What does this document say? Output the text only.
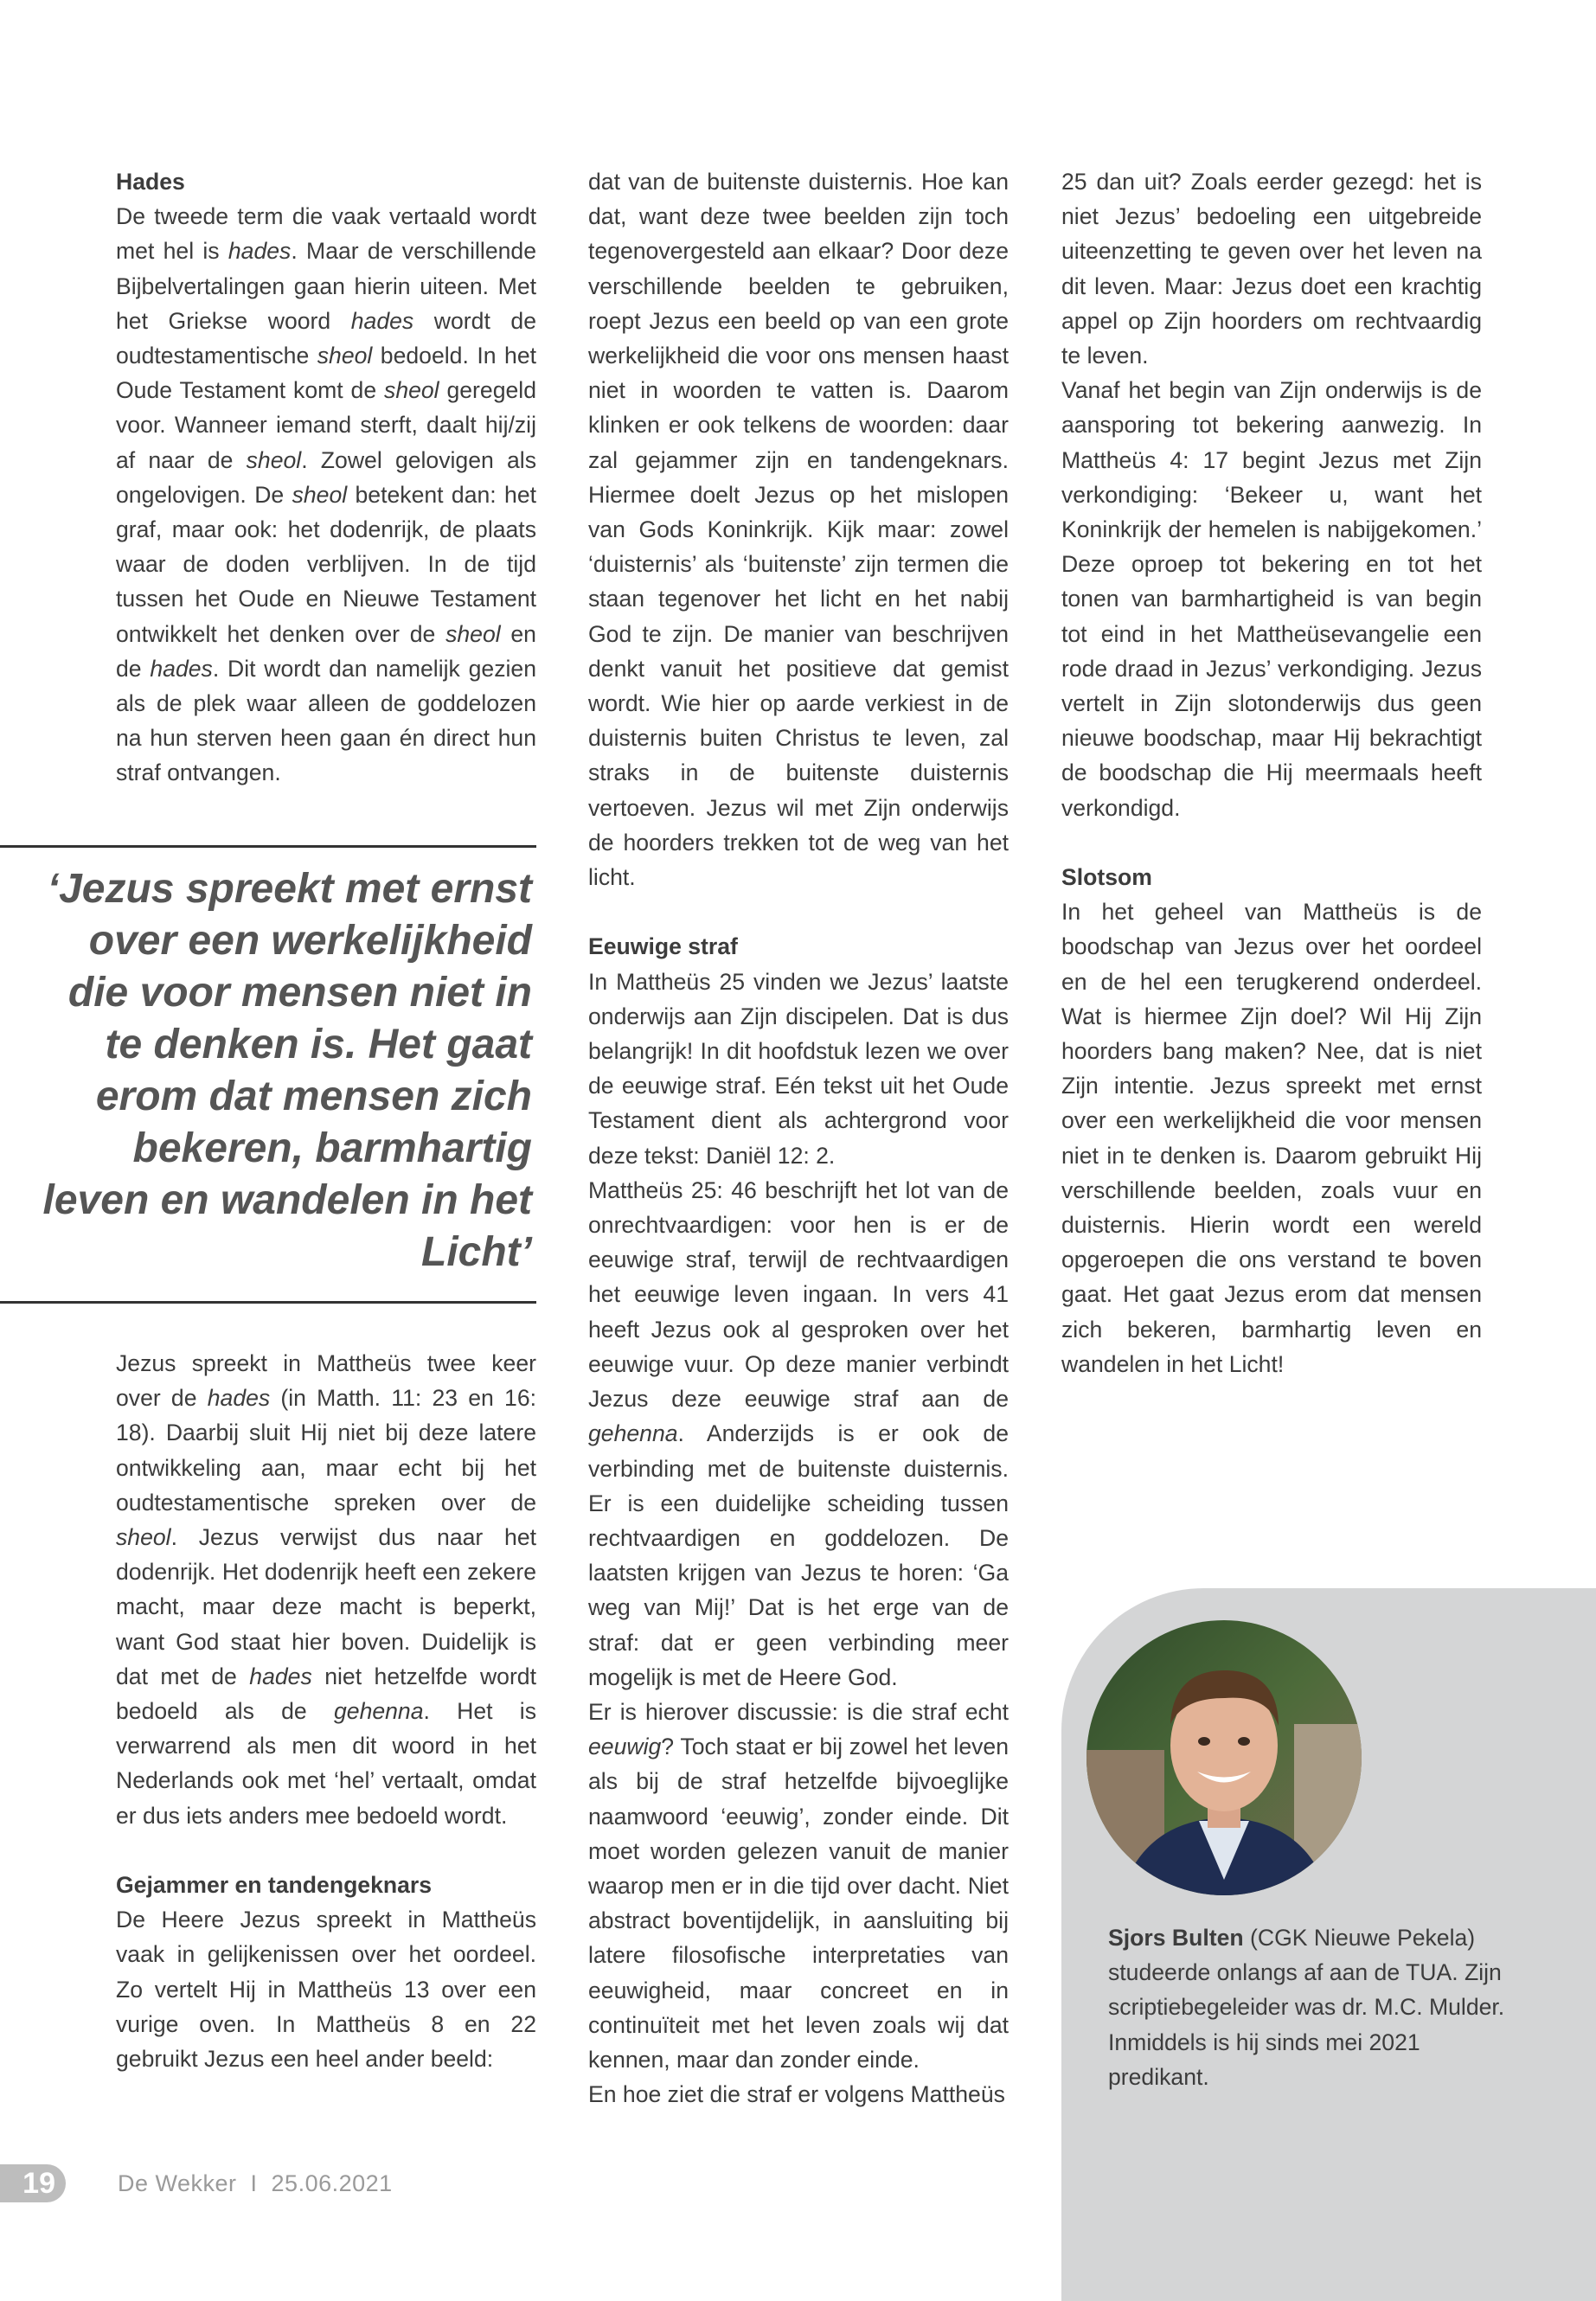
Hades
De tweede term die vaak vertaald wordt met hel is hades. Maar de verschillende Bijbelvertalingen gaan hierin uiteen. Met het Griekse woord hades wordt de oudtestamentische sheol bedoeld. In het Oude Testament komt de sheol geregeld voor. Wanneer iemand sterft, daalt hij/zij af naar de sheol. Zowel gelovigen als ongelovigen. De sheol betekent dan: het graf, maar ook: het dodenrijk, de plaats waar de doden verblijven. In de tijd tussen het Oude en Nieuwe Testament ontwikkelt het denken over de sheol en de hades. Dit wordt dan namelijk gezien als de plek waar alleen de goddelozen na hun sterven heen gaan én direct hun straf ontvangen.
‘Jezus spreekt met ernst over een werkelijkheid die voor mensen niet in te denken is. Het gaat erom dat mensen zich bekeren, barmhartig leven en wandelen in het Licht’
Jezus spreekt in Mattheüs twee keer over de hades (in Matth. 11: 23 en 16: 18). Daarbij sluit Hij niet bij deze latere ontwikkeling aan, maar echt bij het oudtestamentische spreken over de sheol. Jezus verwijst dus naar het dodenrijk. Het dodenrijk heeft een zekere macht, maar deze macht is beperkt, want God staat hier boven. Duidelijk is dat met de hades niet hetzelfde wordt bedoeld als de gehenna. Het is verwarrend als men dit woord in het Nederlands ook met ‘hel’ vertaalt, omdat er dus iets anders mee bedoeld wordt.
Gejammer en tandengeknars
De Heere Jezus spreekt in Mattheüs vaak in gelijkenissen over het oordeel. Zo vertelt Hij in Mattheüs 13 over een vurige oven. In Mattheüs 8 en 22 gebruikt Jezus een heel ander beeld:
dat van de buitenste duisternis. Hoe kan dat, want deze twee beelden zijn toch tegenovergesteld aan elkaar? Door deze verschillende beelden te gebruiken, roept Jezus een beeld op van een grote werkelijkheid die voor ons mensen haast niet in woorden te vatten is. Daarom klinken er ook telkens de woorden: daar zal gejammer zijn en tandengeknars. Hiermee doelt Jezus op het mislopen van Gods Koninkrijk. Kijk maar: zowel ‘duisternis’ als ‘buitenste’ zijn termen die staan tegenover het licht en het nabij God te zijn. De manier van beschrijven denkt vanuit het positieve dat gemist wordt. Wie hier op aarde verkiest in de duisternis buiten Christus te leven, zal straks in de buitenste duisternis vertoeven. Jezus wil met Zijn onderwijs de hoorders trekken tot de weg van het licht.
Eeuwige straf
In Mattheüs 25 vinden we Jezus’ laatste onderwijs aan Zijn discipelen. Dat is dus belangrijk! In dit hoofdstuk lezen we over de eeuwige straf. Eén tekst uit het Oude Testament dient als achtergrond voor deze tekst: Daniël 12: 2.
Mattheüs 25: 46 beschrijft het lot van de onrechtvaardigen: voor hen is er de eeuwige straf, terwijl de rechtvaardigen het eeuwige leven ingaan. In vers 41 heeft Jezus ook al gesproken over het eeuwige vuur. Op deze manier verbindt Jezus deze eeuwige straf aan de gehenna. Anderzijds is er ook de verbinding met de buitenste duisternis. Er is een duidelijke scheiding tussen rechtvaardigen en goddelozen. De laatsten krijgen van Jezus te horen: ‘Ga weg van Mij!’ Dat is het erge van de straf: dat er geen verbinding meer mogelijk is met de Heere God.
Er is hierover discussie: is die straf echt eeuwig? Toch staat er bij zowel het leven als bij de straf hetzelfde bijvoeglijke naamwoord ‘eeuwig’, zonder einde. Dit moet worden gelezen vanuit de manier waarop men er in die tijd over dacht. Niet abstract boventijdelijk, in aansluiting bij latere filosofische interpretaties van eeuwigheid, maar concreet en in continuïteit met het leven zoals wij dat kennen, maar dan zonder einde.
En hoe ziet die straf er volgens Mattheüs
25 dan uit? Zoals eerder gezegd: het is niet Jezus’ bedoeling een uitgebreide uiteenzetting te geven over het leven na dit leven. Maar: Jezus doet een krachtig appel op Zijn hoorders om rechtvaardig te leven.
Vanaf het begin van Zijn onderwijs is de aansporing tot bekering aanwezig. In Mattheüs 4: 17 begint Jezus met Zijn verkondiging: ‘Bekeer u, want het Koninkrijk der hemelen is nabijgekomen.’ Deze oproep tot bekering en tot het tonen van barmhartigheid is van begin tot eind in het Mattheüsevangelie een rode draad in Jezus’ verkondiging. Jezus vertelt in Zijn slotonderwijs dus geen nieuwe boodschap, maar Hij bekrachtigt de boodschap die Hij meermaals heeft verkondigd.
Slotsom
In het geheel van Mattheüs is de boodschap van Jezus over het oordeel en de hel een terugkerend onderdeel. Wat is hiermee Zijn doel? Wil Hij Zijn hoorders bang maken? Nee, dat is niet Zijn intentie. Jezus spreekt met ernst over een werkelijkheid die voor mensen niet in te denken is. Daarom gebruikt Hij verschillende beelden, zoals vuur en duisternis. Hierin wordt een wereld opgeroepen die ons verstand te boven gaat. Het gaat Jezus erom dat mensen zich bekeren, barmhartig leven en wandelen in het Licht!
Sjors Bulten (CGK Nieuwe Pekela) studeerde onlangs af aan de TUA. Zijn scriptiebegeleider was dr. M.C. Mulder. Inmiddels is hij sinds mei 2021 predikant.
19	De Wekker  I  25.06.2021
